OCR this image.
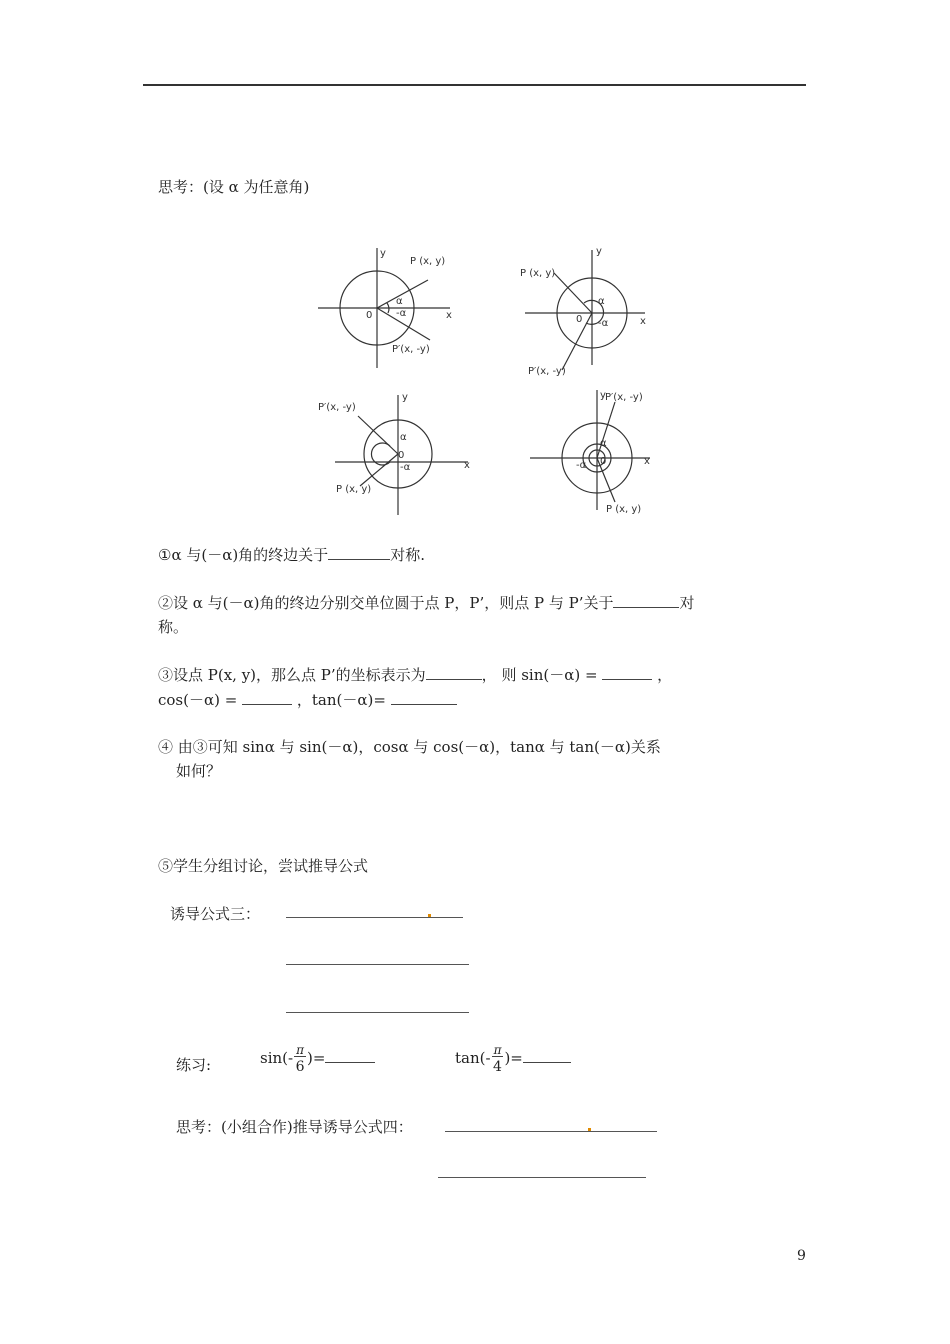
思考：(设 α 为任意角)
y
x
0
P (x, y)
P′(x, -y)
α
-α
y
x
0
P (x, y)
P′(x, -y)
α
-α
y
x
0
P′(x, -y)
P (x, y)
α
-α
y
x
0
P′(x, -y)
P (x, y)
α
-α
①α 与(－α)角的终边关于	对称.
②设 α 与(－α)角的终边分别交单位圆于点 P，P’，则点 P 与 P’关于	对
称。
③设点 P(x, y)，那么点 P’的坐标表示为	， 则 sin(－α) =	，
cos(－α) =	，tan(－α)=
④ 由③可知 sinα 与 sin(－α)，cosα 与 cos(－α)，tanα 与 tan(－α)关系
如何？
⑤学生分组讨论，尝试推导公式
诱导公式三：
练习:	$\sin(- \frac{\pi}{6}$ )=	$\tan(- \frac{\pi}{4}$ )=
思考：(小组合作)推导诱导公式四：
9
